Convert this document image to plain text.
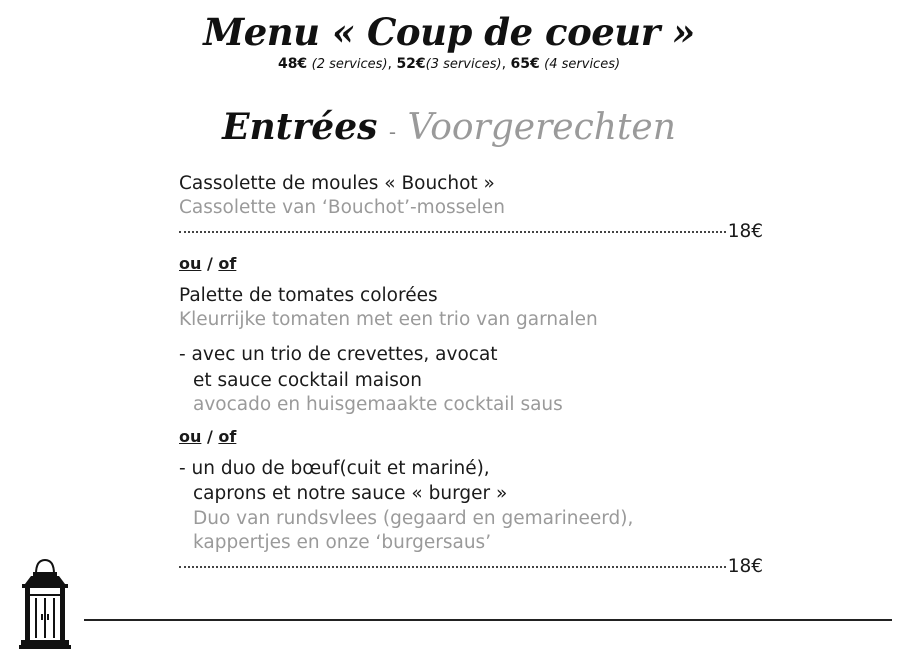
Menu « Coup de coeur »
48€ (2 services), 52€(3 services), 65€ (4 services)
Entrées - Voorgerechten
Cassolette de moules « Bouchot »
Cassolette van ‘Bouchot’-mosselen
18€
ou / of
Palette de tomates colorées
Kleurrijke tomaten met een trio van garnalen
- avec un trio de crevettes, avocat
et sauce cocktail maison
avocado en huisgemaakte cocktail saus
ou / of
- un duo de bœuf(cuit et mariné),
caprons et notre sauce « burger »
Duo van rundsvlees (gegaard en gemarineerd),
kappertjes en onze ‘burgersaus’
18€
